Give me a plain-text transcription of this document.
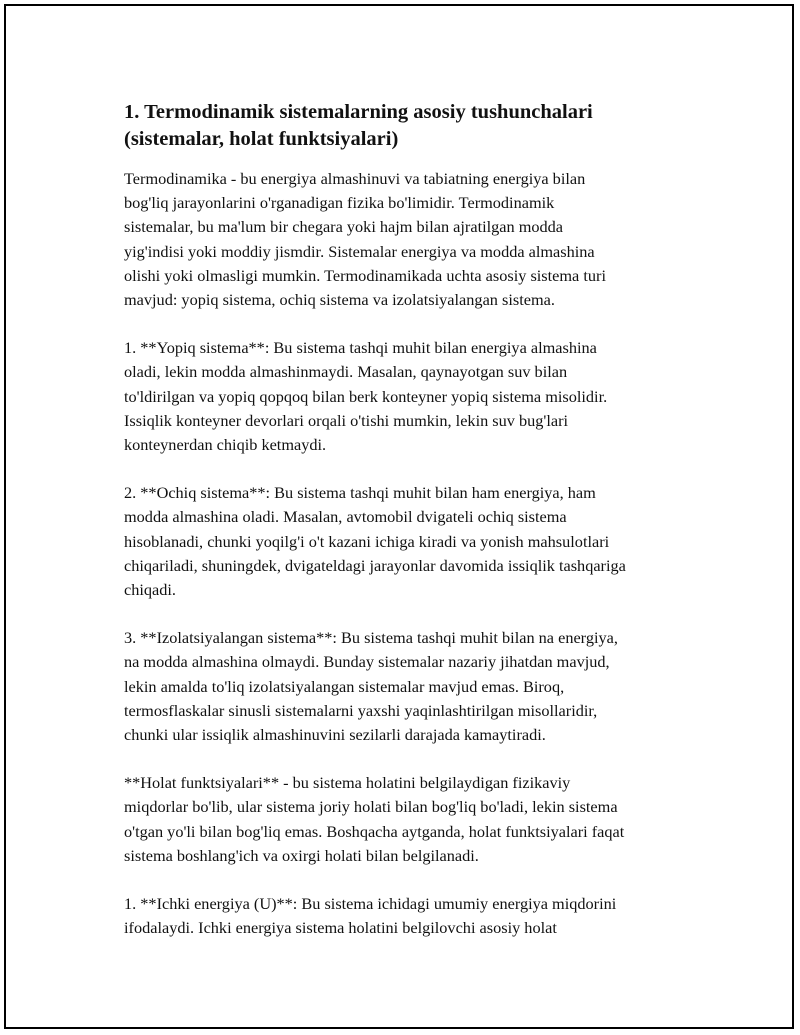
1. Termodinamik sistemalarning asosiy tushunchalari
(sistemalar, holat funktsiyalari)

Termodinamika - bu energiya almashinuvi va tabiatning energiya bilan
bog'liq jarayonlarini o'rganadigan fizika bo'limidir. Termodinamik
sistemalar, bu ma'lum bir chegara yoki hajm bilan ajratilgan modda
yig'indisi yoki moddiy jismdir. Sistemalar energiya va modda almashina
olishi yoki olmasligi mumkin. Termodinamikada uchta asosiy sistema turi
mavjud: yopiq sistema, ochiq sistema va izolatsiyalangan sistema.

1. **Yopiq sistema**: Bu sistema tashqi muhit bilan energiya almashina
oladi, lekin modda almashinmaydi. Masalan, qaynayotgan suv bilan
to'ldirilgan va yopiq qopqoq bilan berk konteyner yopiq sistema misolidir.
Issiqlik konteyner devorlari orqali o'tishi mumkin, lekin suv bug'lari
konteynerdan chiqib ketmaydi.

2. **Ochiq sistema**: Bu sistema tashqi muhit bilan ham energiya, ham
modda almashina oladi. Masalan, avtomobil dvigateli ochiq sistema
hisoblanadi, chunki yoqilg'i o't kazani ichiga kiradi va yonish mahsulotlari
chiqariladi, shuningdek, dvigateldagi jarayonlar davomida issiqlik tashqariga
chiqadi.

3. **Izolatsiyalangan sistema**: Bu sistema tashqi muhit bilan na energiya,
na modda almashina olmaydi. Bunday sistemalar nazariy jihatdan mavjud,
lekin amalda to'liq izolatsiyalangan sistemalar mavjud emas. Biroq,
termosflaskalar sinusli sistemalarni yaxshi yaqinlashtirilgan misollaridir,
chunki ular issiqlik almashinuvini sezilarli darajada kamaytiradi.

**Holat funktsiyalari** - bu sistema holatini belgilaydigan fizikaviy
miqdorlar bo'lib, ular sistema joriy holati bilan bog'liq bo'ladi, lekin sistema
o'tgan yo'li bilan bog'liq emas. Boshqacha aytganda, holat funktsiyalari faqat
sistema boshlang'ich va oxirgi holati bilan belgilanadi.

1. **Ichki energiya (U)**: Bu sistema ichidagi umumiy energiya miqdorini
ifodalaydi. Ichki energiya sistema holatini belgilovchi asosiy holat
